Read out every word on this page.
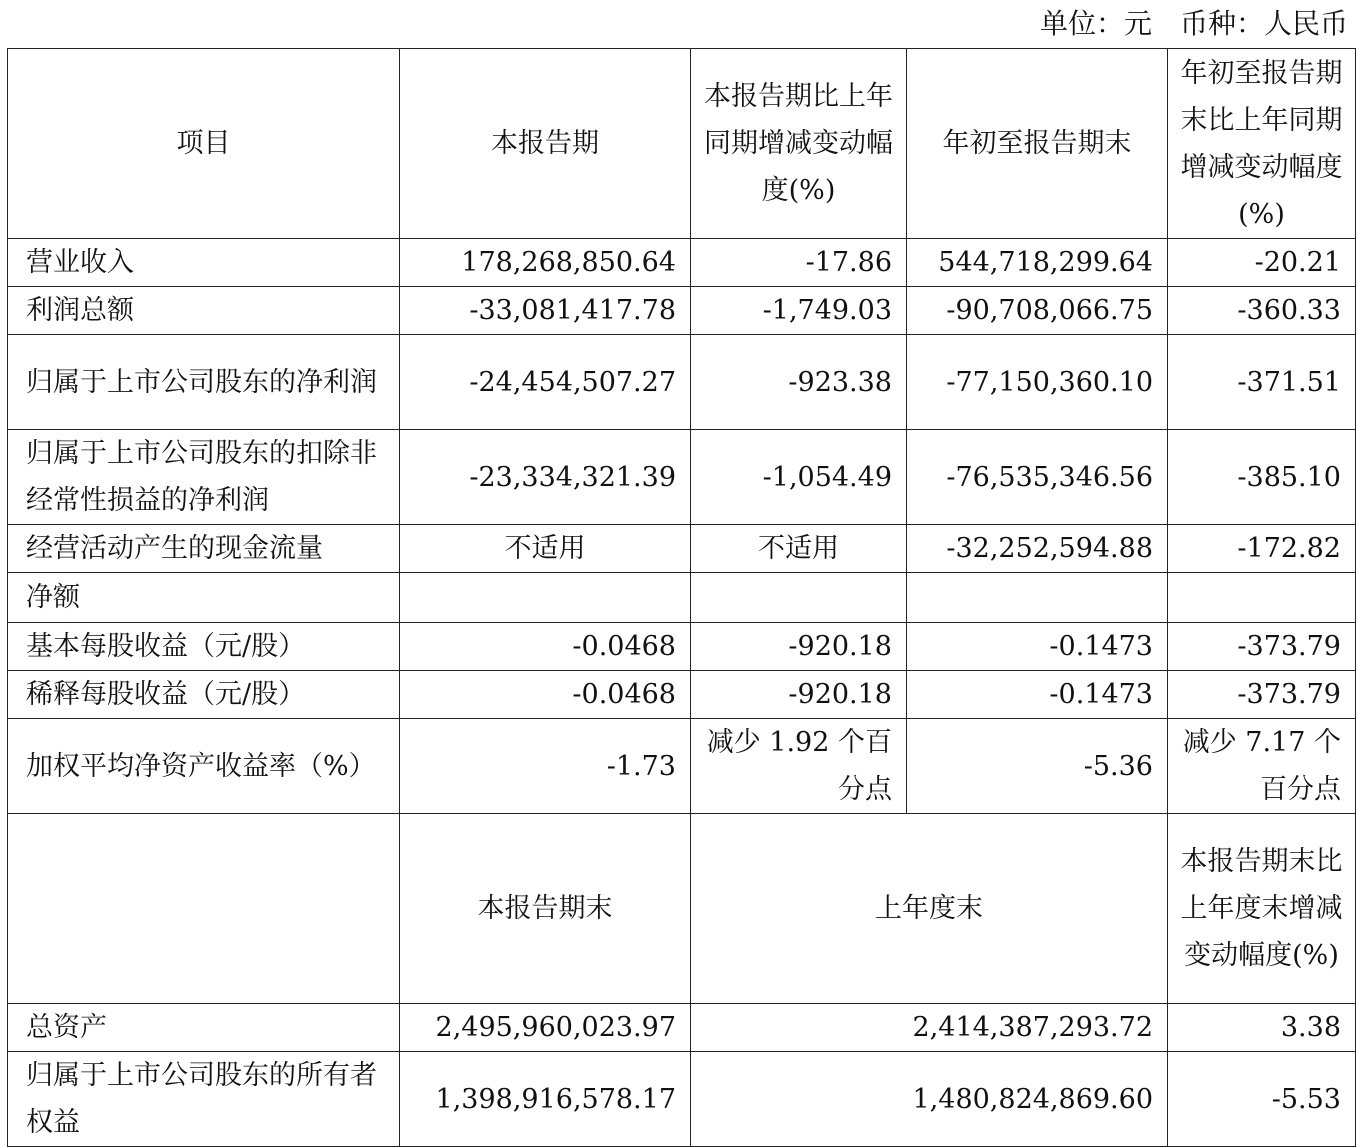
单位：元　币种：人民币
项目	本报告期	本报告期比上年同期增减变动幅度(%)	年初至报告期末	年初至报告期末比上年同期增减变动幅度(%)
营业收入	178,268,850.64	-17.86	544,718,299.64	-20.21
利润总额	-33,081,417.78	-1,749.03	-90,708,066.75	-360.33
归属于上市公司股东的净利润	-24,454,507.27	-923.38	-77,150,360.10	-371.51
归属于上市公司股东的扣除非经常性损益的净利润	-23,334,321.39	-1,054.49	-76,535,346.56	-385.10
经营活动产生的现金流量	不适用	不适用	-32,252,594.88	-172.82
净额				
基本每股收益（元/股）	-0.0468	-920.18	-0.1473	-373.79
稀释每股收益（元/股）	-0.0468	-920.18	-0.1473	-373.79
加权平均净资产收益率（%）	-1.73	减少 1.92 个百分点	-5.36	减少 7.17 个百分点
	本报告期末	上年度末		本报告期末比上年度末增减变动幅度(%)
总资产	2,495,960,023.97	2,414,387,293.72		3.38
归属于上市公司股东的所有者权益	1,398,916,578.17	1,480,824,869.60		-5.53
